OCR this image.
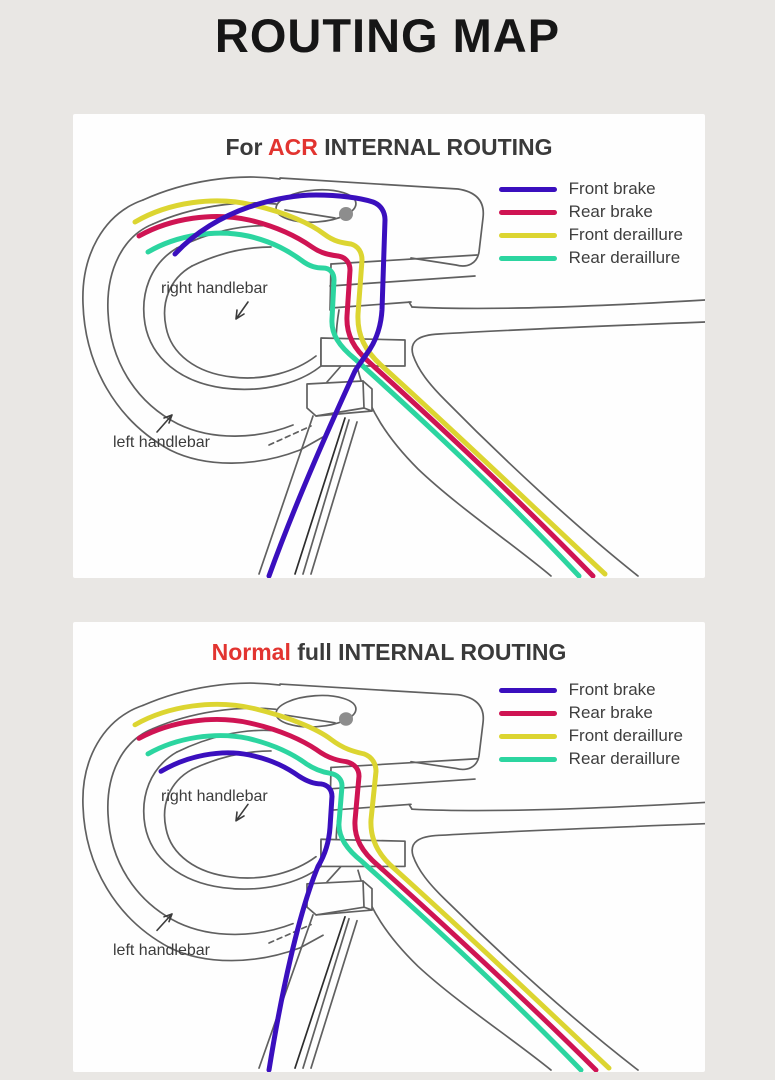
ROUTING MAP
For ACR INTERNAL ROUTING
Front brake
Rear brake
Front deraillure
Rear deraillure
right handlebar
left handlebar
Normal full INTERNAL ROUTING
Front brake
Rear brake
Front deraillure
Rear deraillure
right handlebar
left handlebar
